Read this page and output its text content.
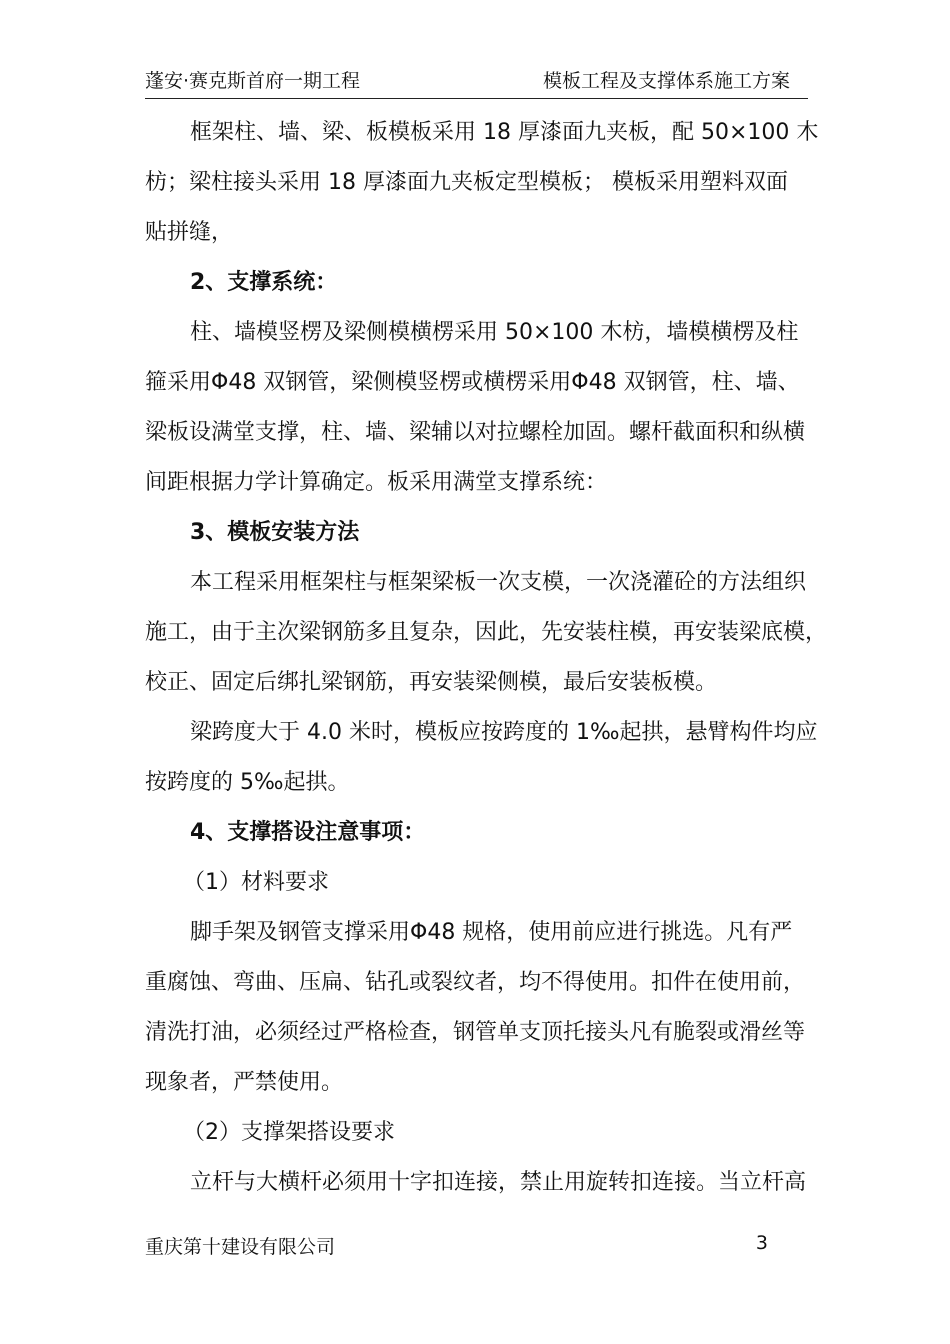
蓬安·赛克斯首府一期工程	模板工程及支撑体系施工方案

框架柱、墙、梁、板模板采用 18 厚漆面九夹板，配 50×100 木

枋；梁柱接头采用 18 厚漆面九夹板定型模板； 模板采用塑料双面

贴拼缝，

2、支撑系统：

柱、墙模竖楞及梁侧模横楞采用 50×100 木枋，墙模横楞及柱

箍采用Φ48 双钢管，梁侧模竖楞或横楞采用Φ48 双钢管，柱、墙、

梁板设满堂支撑，柱、墙、梁辅以对拉螺栓加固。螺杆截面积和纵横

间距根据力学计算确定。板采用满堂支撑系统：

3、模板安装方法

本工程采用框架柱与框架梁板一次支模，一次浇灌砼的方法组织

施工，由于主次梁钢筋多且复杂，因此，先安装柱模，再安装梁底模，

校正、固定后绑扎梁钢筋，再安装梁侧模，最后安装板模。

梁跨度大于 4.0 米时，模板应按跨度的 1‰起拱，悬臂构件均应

按跨度的 5‰起拱。

4、支撑搭设注意事项：

（1）材料要求

脚手架及钢管支撑采用Φ48 规格，使用前应进行挑选。凡有严

重腐蚀、弯曲、压扁、钻孔或裂纹者，均不得使用。扣件在使用前，

清洗打油，必须经过严格检查，钢管单支顶托接头凡有脆裂或滑丝等

现象者，严禁使用。

（2）支撑架搭设要求

立杆与大横杆必须用十字扣连接，禁止用旋转扣连接。当立杆高

重庆第十建设有限公司	3
